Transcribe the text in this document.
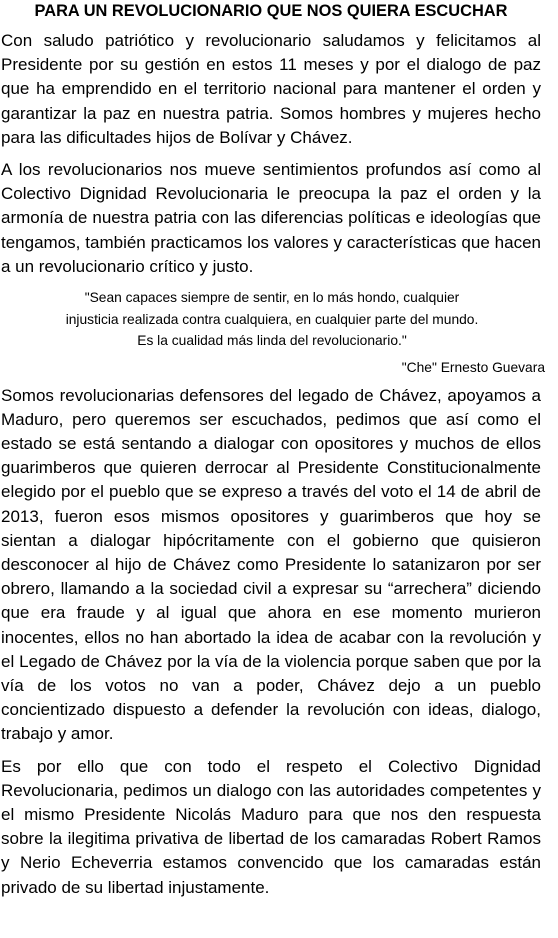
PARA UN REVOLUCIONARIO QUE NOS QUIERA ESCUCHAR

Con saludo patriótico y revolucionario saludamos y felicitamos al Presidente por su gestión en estos 11 meses y por el dialogo de paz que ha emprendido en el territorio nacional para mantener el orden y garantizar la paz en nuestra patria. Somos hombres y mujeres hecho para las dificultades hijos de Bolívar y Chávez.

A los revolucionarios nos mueve sentimientos profundos así como al Colectivo Dignidad Revolucionaria le preocupa la paz el orden y la armonía de nuestra patria con las diferencias políticas e ideologías que tengamos, también practicamos los valores y características que hacen a un revolucionario crítico y justo.

"Sean capaces siempre de sentir, en lo más hondo, cualquier
injusticia realizada contra cualquiera, en cualquier parte del mundo.
Es la cualidad más linda del revolucionario."
"Che" Ernesto Guevara

Somos revolucionarias defensores del legado de Chávez, apoyamos a Maduro, pero queremos ser escuchados, pedimos que así como el estado se está sentando a dialogar con opositores y muchos de ellos guarimberos que quieren derrocar al Presidente Constitucionalmente elegido por el pueblo que se expreso a través del voto el 14 de abril de 2013, fueron esos mismos opositores y guarimberos que hoy se sientan a dialogar hipócritamente con el gobierno que quisieron desconocer al hijo de Chávez como Presidente lo satanizaron por ser obrero, llamando a la sociedad civil a expresar su “arrechera” diciendo que era fraude y al igual que ahora en ese momento murieron inocentes, ellos no han abortado la idea de acabar con la revolución y el Legado de Chávez por la vía de la violencia porque saben que por la vía de los votos no van a poder, Chávez dejo a un pueblo concientizado dispuesto a defender la revolución con ideas, dialogo, trabajo y amor.

Es por ello que con todo el respeto el Colectivo Dignidad Revolucionaria, pedimos un dialogo con las autoridades competentes y el mismo Presidente Nicolás Maduro para que nos den respuesta sobre la ilegitima privativa de libertad de los camaradas Robert Ramos y Nerio Echeverria estamos convencido que los camaradas están privado de su libertad injustamente.
